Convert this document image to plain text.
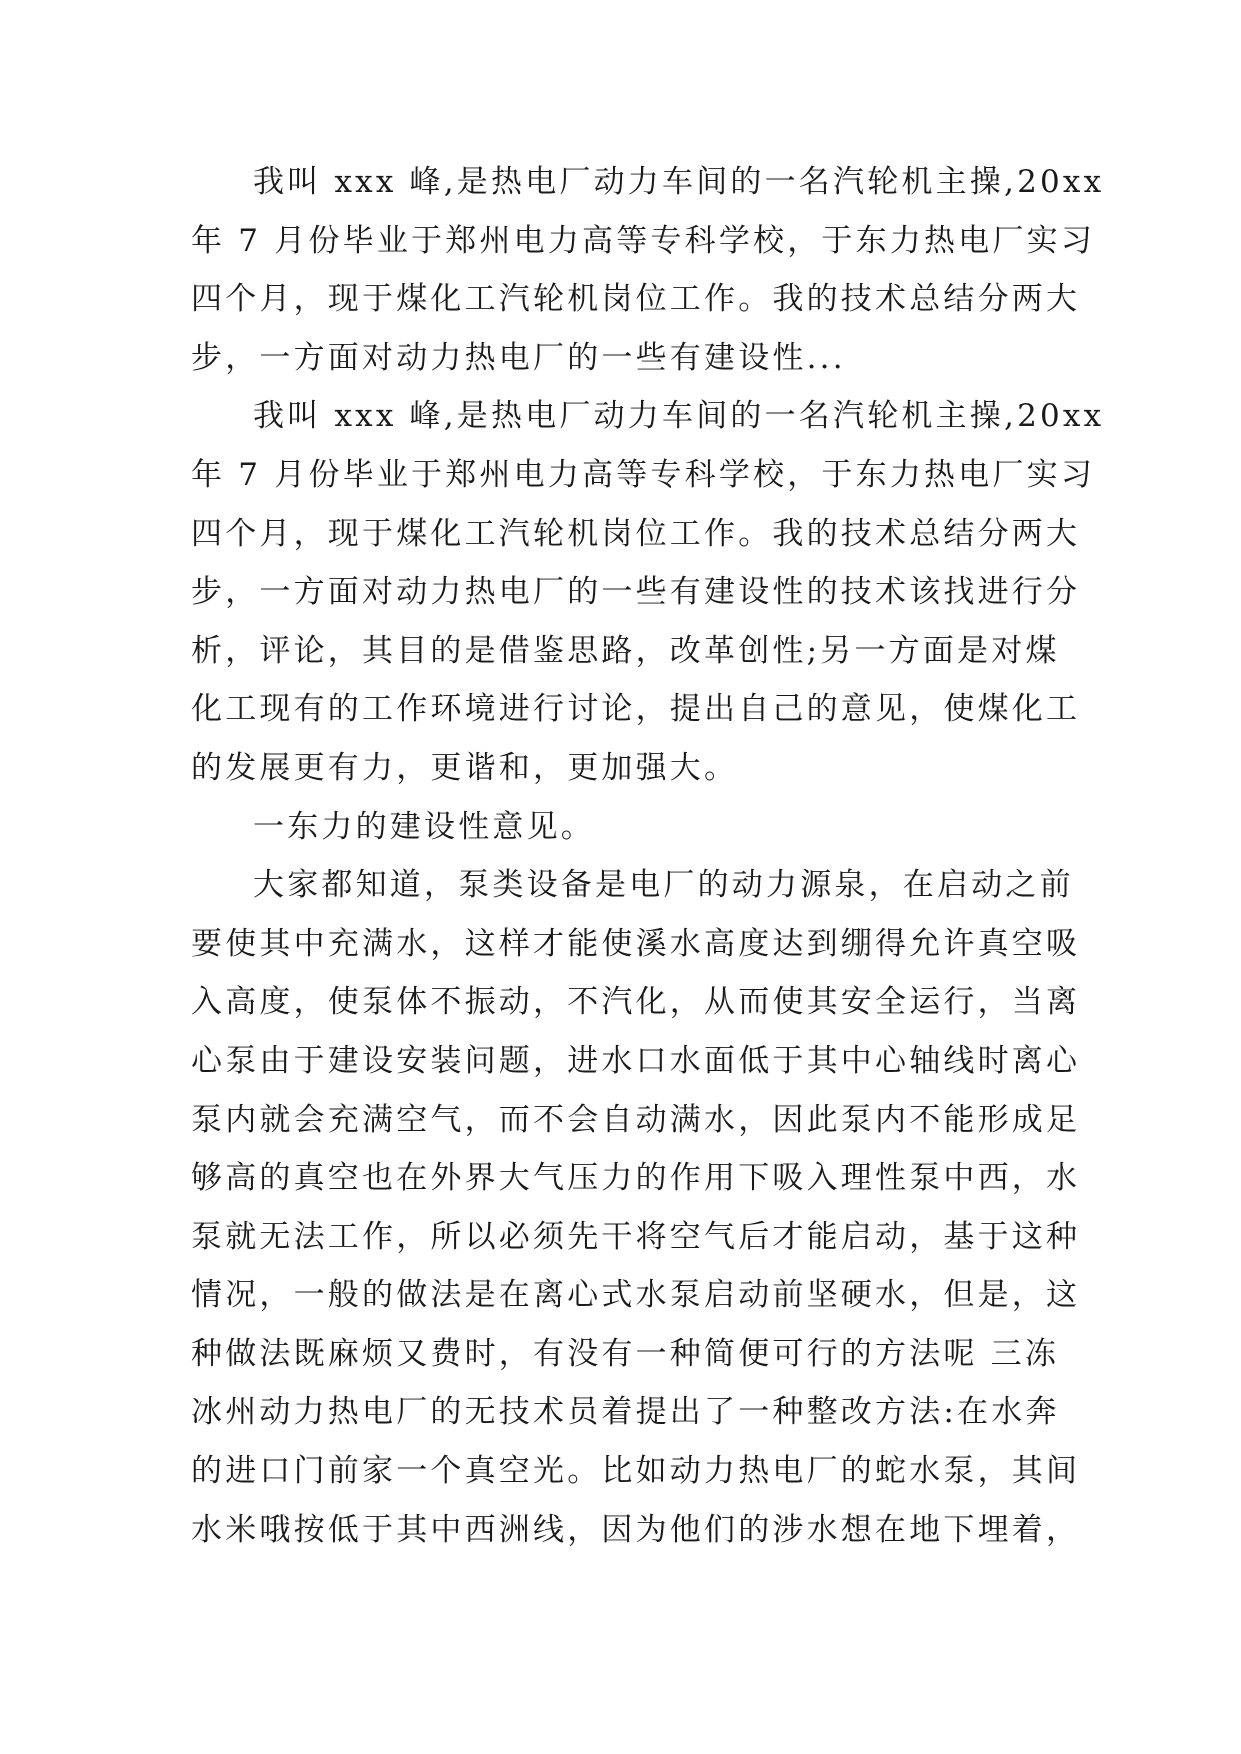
我叫 xxx 峰,是热电厂动力车间的一名汽轮机主操,20xx
年 7 月份毕业于郑州电力高等专科学校，于东力热电厂实习
四个月，现于煤化工汽轮机岗位工作。我的技术总结分两大
步，一方面对动力热电厂的一些有建设性...

我叫 xxx 峰,是热电厂动力车间的一名汽轮机主操,20xx
年 7 月份毕业于郑州电力高等专科学校，于东力热电厂实习
四个月，现于煤化工汽轮机岗位工作。我的技术总结分两大
步，一方面对动力热电厂的一些有建设性的技术该找进行分
析，评论，其目的是借鉴思路，改革创性;另一方面是对煤
化工现有的工作环境进行讨论，提出自己的意见，使煤化工
的发展更有力，更谐和，更加强大。

一东力的建设性意见。

大家都知道，泵类设备是电厂的动力源泉，在启动之前
要使其中充满水，这样才能使溪水高度达到绷得允许真空吸
入高度，使泵体不振动，不汽化，从而使其安全运行，当离
心泵由于建设安装问题，进水口水面低于其中心轴线时离心
泵内就会充满空气，而不会自动满水，因此泵内不能形成足
够高的真空也在外界大气压力的作用下吸入理性泵中西，水
泵就无法工作，所以必须先干将空气后才能启动，基于这种
情况，一般的做法是在离心式水泵启动前坚硬水，但是，这
种做法既麻烦又费时，有没有一种简便可行的方法呢 三冻
冰州动力热电厂的无技术员着提出了一种整改方法:在水奔
的进口门前家一个真空光。比如动力热电厂的蛇水泵，其间
水米哦按低于其中西洲线，因为他们的涉水想在地下埋着，
